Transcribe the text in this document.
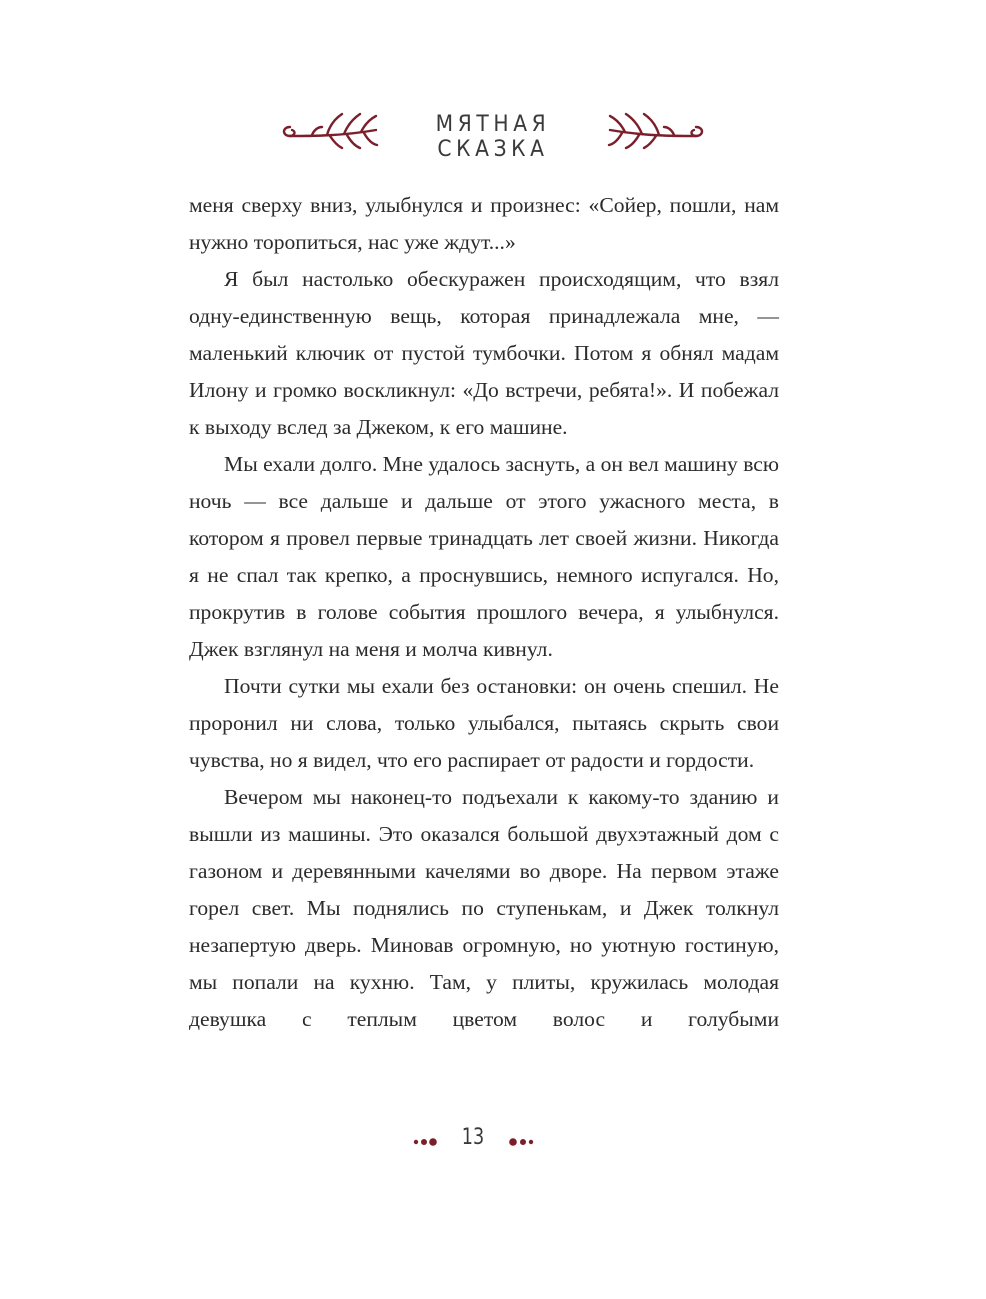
МЯТНАЯ СКАЗКА

меня сверху вниз, улыбнулся и произнес: «Сойер, пошли, нам нужно торопиться, нас уже ждут...»

Я был настолько обескуражен происходящим, что взял одну-единственную вещь, которая принадлежала мне, — маленький ключик от пустой тумбочки. Потом я обнял мадам Илону и громко воскликнул: «До встречи, ребята!». И побежал к выходу вслед за Джеком, к его машине.

Мы ехали долго. Мне удалось заснуть, а он вел машину всю ночь — все дальше и дальше от этого ужасного места, в котором я провел первые тринадцать лет своей жизни. Никогда я не спал так крепко, а проснувшись, немного испугался. Но, прокрутив в голове события прошлого вечера, я улыбнулся. Джек взглянул на меня и молча кивнул.

Почти сутки мы ехали без остановки: он очень спешил. Не проронил ни слова, только улыбался, пытаясь скрыть свои чувства, но я видел, что его распирает от радости и гордости.

Вечером мы наконец-то подъехали к какому-то зданию и вышли из машины. Это оказался большой двухэтажный дом с газоном и деревянными качелями во дворе. На первом этаже горел свет. Мы поднялись по ступенькам, и Джек толкнул незапертую дверь. Миновав огромную, но уютную гостиную, мы попали на кухню. Там, у плиты, кружилась молодая девушка с теплым цветом волос и голубыми

13
